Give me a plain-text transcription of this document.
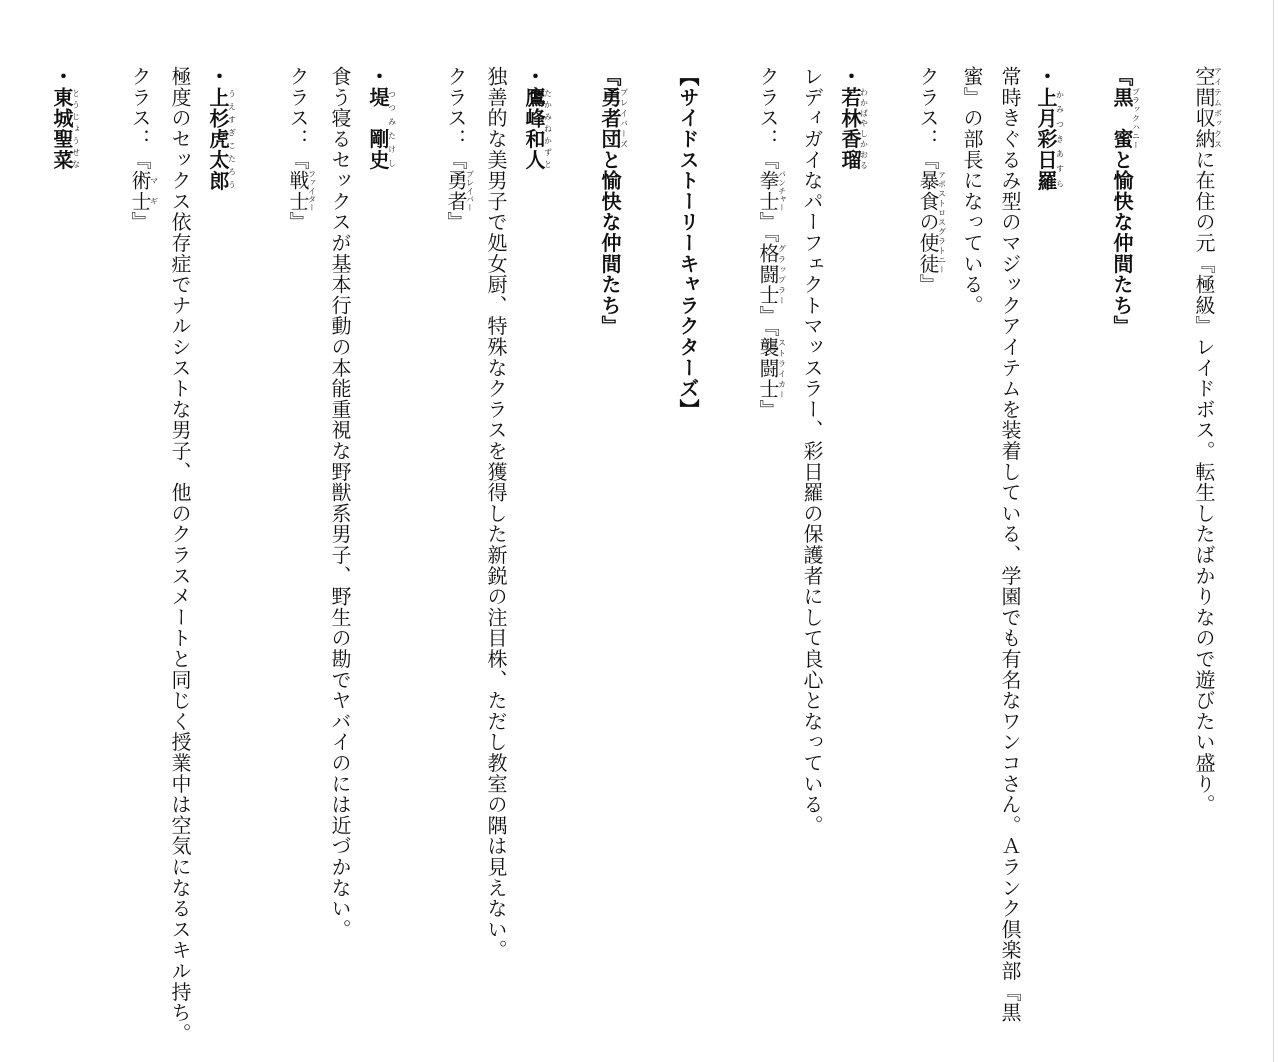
空間収納アイテムボックスに在住の元『極級』レイドボス。転生したばかりなので遊びたい盛り。
『黒　蜜ブラックハニーと愉快な仲間たち』
・上月彩日羅かみつきあすら
常時きぐるみ型のマジックアイテムを装着している、学園でも有名なワンコさん。Ａランク倶楽部『黒
蜜』の部長になっている。
クラス：『暴食の使徒アポストロスグラトニー』
・若林香瑠わかばやしかおる
レディガイなパーフェクトマッスラー、彩日羅の保護者にして良心となっている。
クラス：『拳士パンチャー』『格闘士グラップラー』『襲闘士ストライカー』
【サイドストーリーキャラクターズ】
『勇者団ブレイバーズと愉快な仲間たち』
・鷹峰和人たかみねかずと
独善的な美男子で処女厨、特殊なクラスを獲得した新鋭の注目株、ただし教室の隅は見えない。
クラス：『勇者ブレイバー』
・堤　剛史つつみたけし
食う寝るセックスが基本行動の本能重視な野獣系男子、野生の勘でヤバイのには近づかない。
クラス：『戦士ファイター』
・上杉虎太郎うえすぎこたろう
極度のセックス依存症でナルシストな男子、他のクラスメートと同じく授業中は空気になるスキル持ち。
クラス：『術士マギ』
・東城聖菜とうじょうせな
